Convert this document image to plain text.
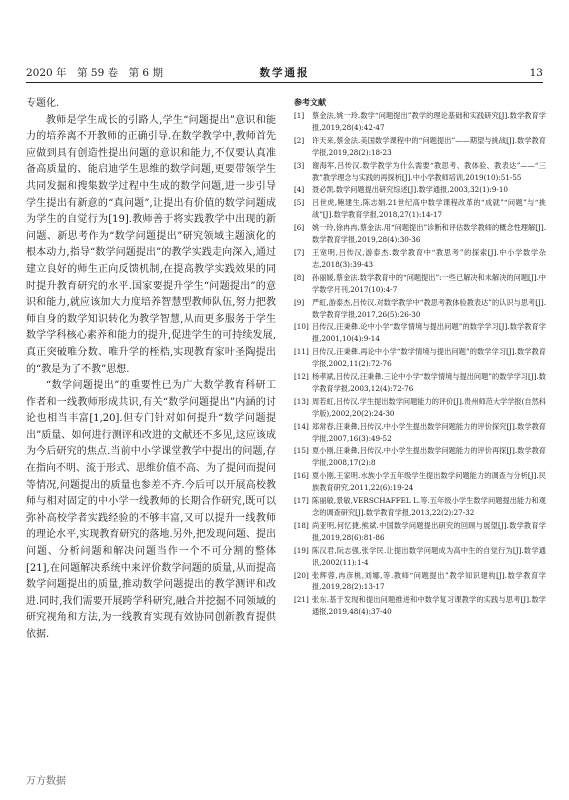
2020 年　第 59 卷　第 6 期	数学通报	13

专题化.

教师是学生成长的引路人,学生“问题提出”意识和能力的培养离不开教师的正确引导.在数学教学中,教师首先应做到具有创造性提出问题的意识和能力,不仅要认真准备高质量的、能启迪学生思维的数学问题,更要带领学生共同发掘和搜集数学过程中生成的数学问题,进一步引导学生提出有新意的“真问题”,让提出有价值的数学问题成为学生的自觉行为[19].教师善于将实践教学中出现的新问题、新思考作为“数学问题提出”研究领域主题演化的根本动力,指导“数学问题提出”的教学实践走向深入,通过建立良好的师生正向反馈机制,在提高教学实践效果的同时提升教育研究的水平.国家要提升学生“问题提出”的意识和能力,就应该加大力度培养智慧型教师队伍,努力把教师自身的数学知识转化为教学智慧,从而更多服务于学生数学学科核心素养和能力的提升,促进学生的可持续发展,真正突破唯分数、唯升学的桎梏,实现教育家叶圣陶提出的“教是为了不教”思想.

“数学问题提出”的重要性已为广大数学教育科研工作者和一线教师形成共识,有关“数学问题提出”内涵的讨论也相当丰富[1,20].但专门针对如何提升“数学问题提出”质量、如何进行测评和改进的文献还不多见,这应该成为今后研究的焦点.当前中小学课堂教学中提出的问题,存在指向不明、流于形式、思维价值不高、为了提问而提问等情况,问题提出的质量也参差不齐.今后可以开展高校教师与相对固定的中小学一线教师的长期合作研究,既可以弥补高校学者实践经验的不够丰富,又可以提升一线教师的理论水平,实现教育研究的落地.另外,把发现问题、提出问题、分析问题和解决问题当作一个不可分割的整体[21],在问题解决系统中来评价数学问题的质量,从而提高数学问题提出的质量,推动数学问题提出的教学测评和改进.同时,我们需要开展跨学科研究,融合并挖掘不同领域的研究视角和方法,为一线教育实现有效协同创新教育提供依据.

参考文献
[1]	蔡金法,姚一玲.数学“问题提出”教学的理论基础和实践研究[J].数学教育学报,2019,28(4):42-47
[2]	许天来,蔡金法.美国数学课程中的“问题提出”——期望与挑战[J].数学教育学报,2019,28(2):18-23
[3]	谢海军,吕传汉.数学教学为什么需要“教思考、教体验、教表达”——“三教”教学理念与实践的再探析[J].中小学教师培训,2019(10):51-55
[4]	聂必凯.数学问题提出研究综述[J].数学通报,2003,32(1):9-10
[5]	吕世虎,鲍建生,陈志娟.21世纪高中数学课程改革的“成就”“问题”与“挑战”[J].数学教育学报,2018,27(1):14-17
[6]	姚一玲,徐冉冉,蔡金法.用“问题提出”诊断和评估数学教师的概念性理解[J].数学教育学报,2019,28(4):30-36
[7]	王宽明,吕传汉,游泰杰.数学教育中“教思考”的探索[J].中小学数学杂志,2018(3):39-43
[8]	孙丽媛,蔡金法.数学教育中的“问题提出”:一些已解决和未解决的问题[J].中学数学月刊,2017(10):4-7
[9]	严虹,游泰杰,吕传汉.对数学教学中“教思考教体验教表达”的认识与思考[J].数学教育学报,2017,26(5):26-30
[10] 吕传汉,汪秉彝.论中小学“数学情境与提出问题”的数学学习[J].数学教育学报,2001,10(4):9-14
[11] 吕传汉,汪秉彝.再论中小学“数学情境与提出问题”的数学学习[J].数学教育学报,2002,11(2):72-76
[12] 杨孝斌,吕传汉,汪秉彝.三论中小学“数学情境与提出问题”的数学学习[J].数学教育学报,2003,12(4):72-76
[13] 周若虹,吕传汉.学生提出数学问题能力的评价[J].贵州师范大学学报(自然科学版),2002,20(2):24-30
[14] 郑常春,汪秉彝,吕传汉.中小学生提出数学问题能力的评价探究[J].数学教育学报,2007,16(3):49-52
[15] 夏小刚,汪秉彝,吕传汉.中小学生提出数学问题能力的评价再探[J].数学教育学报,2008,17(2):8
[16] 夏小刚,王家明.水族小学五年级学生提出数学问题能力的调查与分析[J].民族教育研究,2011,22(6):19-24
[17] 陈丽敏,景敏,VERSCHAFFEL L.等.五年级小学生数学问题提出能力和观念的调查研究[J].数学教育学报,2013,22(2):27-32
[18] 尚亚明,何忆捷,熊斌.中国数学问题提出研究的回顾与展望[J].数学教育学报,2019,28(6):81-86
[19] 陈汉君,阮志强,张学民.让提出数学问题成为高中生的自觉行为[J].数学通讯,2002(11):1-4
[20] 张辉蓉,冉彦桃,刘娜,等.教师“问题提出”教学知识建构[J].数学教育学报,2019,28(2):13-17
[21] 张东.基于发现和提出问题推进和中数学复习课教学的实践与思考[J].数学通报,2019,48(4):37-40
万方数据
